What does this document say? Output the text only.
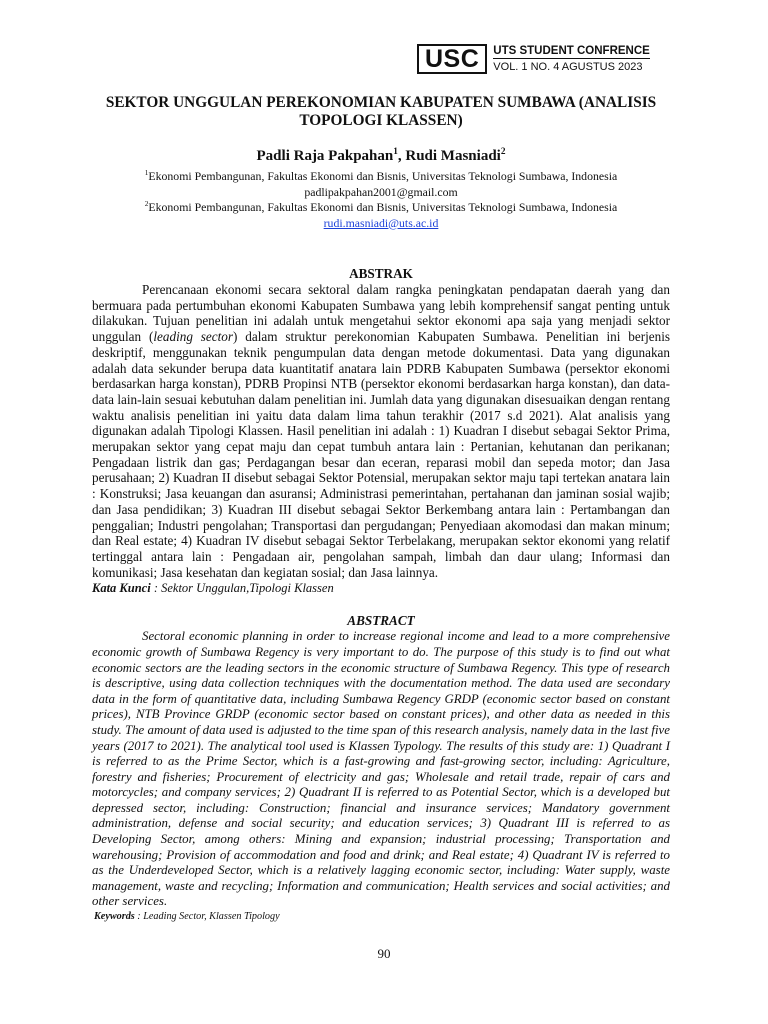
USC	UTS STUDENT CONFRENCE
VOL. 1 NO. 4 AGUSTUS 2023
SEKTOR UNGGULAN PEREKONOMIAN KABUPATEN SUMBAWA (ANALISIS TOPOLOGI KLASSEN)
Padli Raja Pakpahan$^1$, Rudi Masniadi$^2$
$^1$Ekonomi Pembangunan, Fakultas Ekonomi dan Bisnis, Universitas Teknologi Sumbawa, Indonesia
padlipakpahan2001@gmail.com
$^2$Ekonomi Pembangunan, Fakultas Ekonomi dan Bisnis, Universitas Teknologi Sumbawa, Indonesia
rudi.masniadi@uts.ac.id
ABSTRAK

Perencanaan ekonomi secara sektoral dalam rangka peningkatan pendapatan daerah yang dan bermuara pada pertumbuhan ekonomi Kabupaten Sumbawa yang lebih komprehensif sangat penting untuk dilakukan. Tujuan penelitian ini adalah untuk mengetahui sektor ekonomi apa saja yang menjadi sektor unggulan (leading sector) dalam struktur perekonomian Kabupaten Sumbawa. Penelitian ini berjenis deskriptif, menggunakan teknik pengumpulan data dengan metode dokumentasi. Data yang digunakan adalah data sekunder berupa data kuantitatif anatara lain PDRB Kabupaten Sumbawa (persektor ekonomi berdasarkan harga konstan), PDRB Propinsi NTB (persektor ekonomi berdasarkan harga konstan), dan data-data lain-lain sesuai kebutuhan dalam penelitian ini. Jumlah data yang digunakan disesuaikan dengan rentang waktu analisis penelitian ini yaitu data dalam lima tahun terakhir (2017 s.d 2021). Alat analisis yang digunakan adalah Tipologi Klassen. Hasil penelitian ini adalah : 1) Kuadran I disebut sebagai Sektor Prima, merupakan sektor yang cepat maju dan cepat tumbuh antara lain : Pertanian, kehutanan dan perikanan; Pengadaan listrik dan gas; Perdagangan besar dan eceran, reparasi mobil dan sepeda motor; dan Jasa perusahaan; 2) Kuadran II disebut sebagai Sektor Potensial, merupakan sektor maju tapi tertekan anatara lain : Konstruksi; Jasa keuangan dan asuransi; Administrasi pemerintahan, pertahanan dan jaminan sosial wajib; dan Jasa pendidikan; 3) Kuadran III disebut sebagai Sektor Berkembang antara lain : Pertambangan dan penggalian; Industri pengolahan; Transportasi dan pergudangan; Penyediaan akomodasi dan makan minum; dan Real estate; 4) Kuadran IV disebut sebagai Sektor Terbelakang, merupakan sektor ekonomi yang relatif tertinggal antara lain : Pengadaan air, pengolahan sampah, limbah dan daur ulang; Informasi dan komunikasi; Jasa kesehatan dan kegiatan sosial; dan Jasa lainnya.

Kata Kunci : Sektor Unggulan,Tipologi Klassen

ABSTRACT

Sectoral economic planning in order to increase regional income and lead to a more comprehensive economic growth of Sumbawa Regency is very important to do. The purpose of this study is to find out what economic sectors are the leading sectors in the economic structure of Sumbawa Regency. This type of research is descriptive, using data collection techniques with the documentation method. The data used are secondary data in the form of quantitative data, including Sumbawa Regency GRDP (economic sector based on constant prices), NTB Province GRDP (economic sector based on constant prices), and other data as needed in this study. The amount of data used is adjusted to the time span of this research analysis, namely data in the last five years (2017 to 2021). The analytical tool used is Klassen Typology. The results of this study are: 1) Quadrant I is referred to as the Prime Sector, which is a fast-growing and fast-growing sector, including: Agriculture, forestry and fisheries; Procurement of electricity and gas; Wholesale and retail trade, repair of cars and motorcycles; and company services; 2) Quadrant II is referred to as Potential Sector, which is a developed but depressed sector, including: Construction; financial and insurance services; Mandatory government administration, defense and social security; and education services; 3) Quadrant III is referred to as Developing Sector, among others: Mining and expansion; industrial processing; Transportation and warehousing; Provision of accommodation and food and drink; and Real estate; 4) Quadrant IV is referred to as the Underdeveloped Sector, which is a relatively lagging economic sector, including: Water supply, waste management, waste and recycling; Information and communication; Health services and social activities; and other services.

Keywords : Leading Sector, Klassen Tipology

90
